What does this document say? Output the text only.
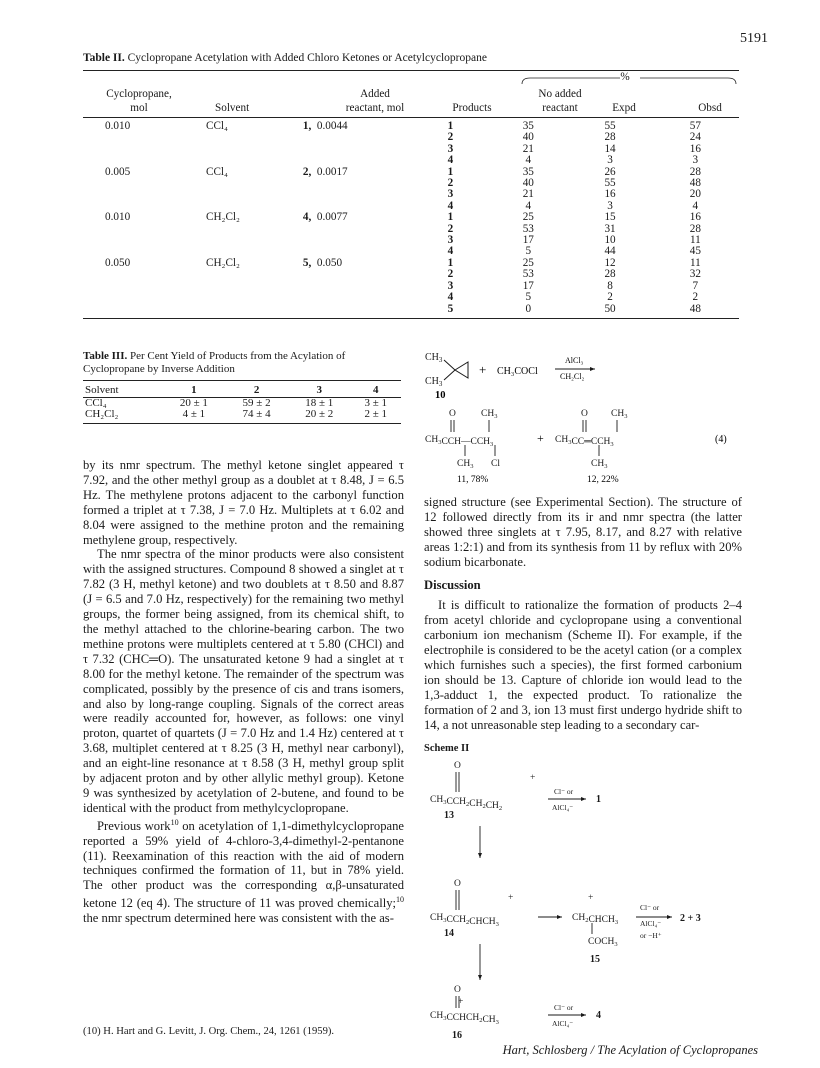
5191
Table II. Cyclopropane Acetylation with Added Chloro Ketones or Acetylcyclopropane
%
Cyclopropane,
mol	Solvent
Added
reactant, mol	Products
No added
reactant	Expd	Obsd
0.010	CCl₄	1,  0.0044	1	35	55	57
			2	40	28	24
			3	21	14	16
			4	4	3	3
0.005	CCl₄	2,  0.0017	1	35	26	28
			2	40	55	48
			3	21	16	20
			4	4	3	4
0.010	CH₂Cl₂	4,  0.0077	1	25	15	16
			2	53	31	28
			3	17	10	11
			4	5	44	45
0.050	CH₂Cl₂	5,  0.050	1	25	12	11
			2	53	28	32
			3	17	8	7
			4	5	2	2
			5	0	50	48
Table III. Per Cent Yield of Products from the Acylation of Cyclopropane by Inverse Addition
Solvent	1	2	3	4
CCl₄	20 ± 1	59 ± 2	18 ± 1	3 ± 1
CH₂Cl₂	4 ± 1	74 ± 4	20 ± 2	2 ± 1

by its nmr spectrum. The methyl ketone singlet appeared τ 7.92, and the other methyl group as a doublet at τ 8.48, J = 6.5 Hz. The methylene protons adjacent to the carbonyl function formed a triplet at τ 7.38, J = 7.0 Hz. Multiplets at τ 6.02 and 8.04 were assigned to the methine proton and the remaining methylene group, respectively.

The nmr spectra of the minor products were also consistent with the assigned structures. Compound 8 showed a singlet at τ 7.82 (3 H, methyl ketone) and two doublets at τ 8.50 and 8.87 (J = 6.5 and 7.0 Hz, respectively) for the remaining two methyl groups, the former being assigned, from its chemical shift, to the methyl attached to the chlorine-bearing carbon. The two methine protons were multiplets centered at τ 5.80 (CHCl) and τ 7.32 (CHC═O). The unsaturated ketone 9 had a singlet at τ 8.00 for the methyl ketone. The remainder of the spectrum was complicated, possibly by the presence of cis and trans isomers, and also by long-range coupling. Signals of the correct areas were readily accounted for, however, as follows: one vinyl proton, quartet of quartets (J = 7.0 Hz and 1.4 Hz) centered at τ 3.68, multiplet centered at τ 8.25 (3 H, methyl near carbonyl), and an eight-line resonance at τ 8.58 (3 H, methyl group split by adjacent proton and by other allylic methyl group). Ketone 9 was synthesized by acetylation of 2-butene, and found to be identical with the product from methylcyclopropane.

Previous work$^{10}$ on acetylation of 1,1-dimethylcyclopropane reported a 59% yield of 4-chloro-3,4-dimethyl-2-pentanone (11). Reexamination of this reaction with the aid of modern techniques confirmed the formation of 11, but in 78% yield. The other product was the corresponding α,β-unsaturated ketone 12 (eq 4). The structure of 11 was proved chemically;$^{10}$ the nmr spectrum determined here was consistent with the as-

(10) H. Hart and G. Levitt, J. Org. Chem., 24, 1261 (1959).
$CH_3$
$CH_3$
10
+ CH₃COCl
AlCl₃
CH₂Cl₂
O	$CH_3$
$CH_3CCH—CCH_3$
$CH_3$ Cl
11, 78%
+
O $CH_3$
$CH_3CC═CCH_3$
$CH_3$
12, 22%
(4)

signed structure (see Experimental Section). The structure of 12 followed directly from its ir and nmr spectra (the latter showed three singlets at τ 7.95, 8.17, and 8.27 with relative areas 1:2:1) and from its synthesis from 11 by reflux with 20% sodium bicarbonate.

Discussion

It is difficult to rationalize the formation of products 2–4 from acetyl chloride and cyclopropane using a conventional carbonium ion mechanism (Scheme II). For example, if the electrophile is considered to be the acetyl cation (or a complex which furnishes such a species), the first formed carbonium ion should be 13. Capture of chloride ion would lead to the 1,3-adduct 1, the expected product. To rationalize the formation of 2 and 3, ion 13 must first undergo hydride shift to 14, a not unreasonable step leading to a secondary car-

Scheme II
O
+
$CH_3CCH_2CH_2CH_2$
O
+
$CH_3CCH_2CHCH_3$
+
$CH_2CHCH_3$
$COCH_3$
O
+
$CH_3CCHCH_2CH_3$
Cl⁻ or
AlCl₄⁻
Cl⁻ or
AlCl₄⁻
or −H⁺
Cl⁻ or
AlCl₄⁻
1
13
14
15
2 + 3
4
16
Hart, Schlosberg / The Acylation of Cyclopropanes
